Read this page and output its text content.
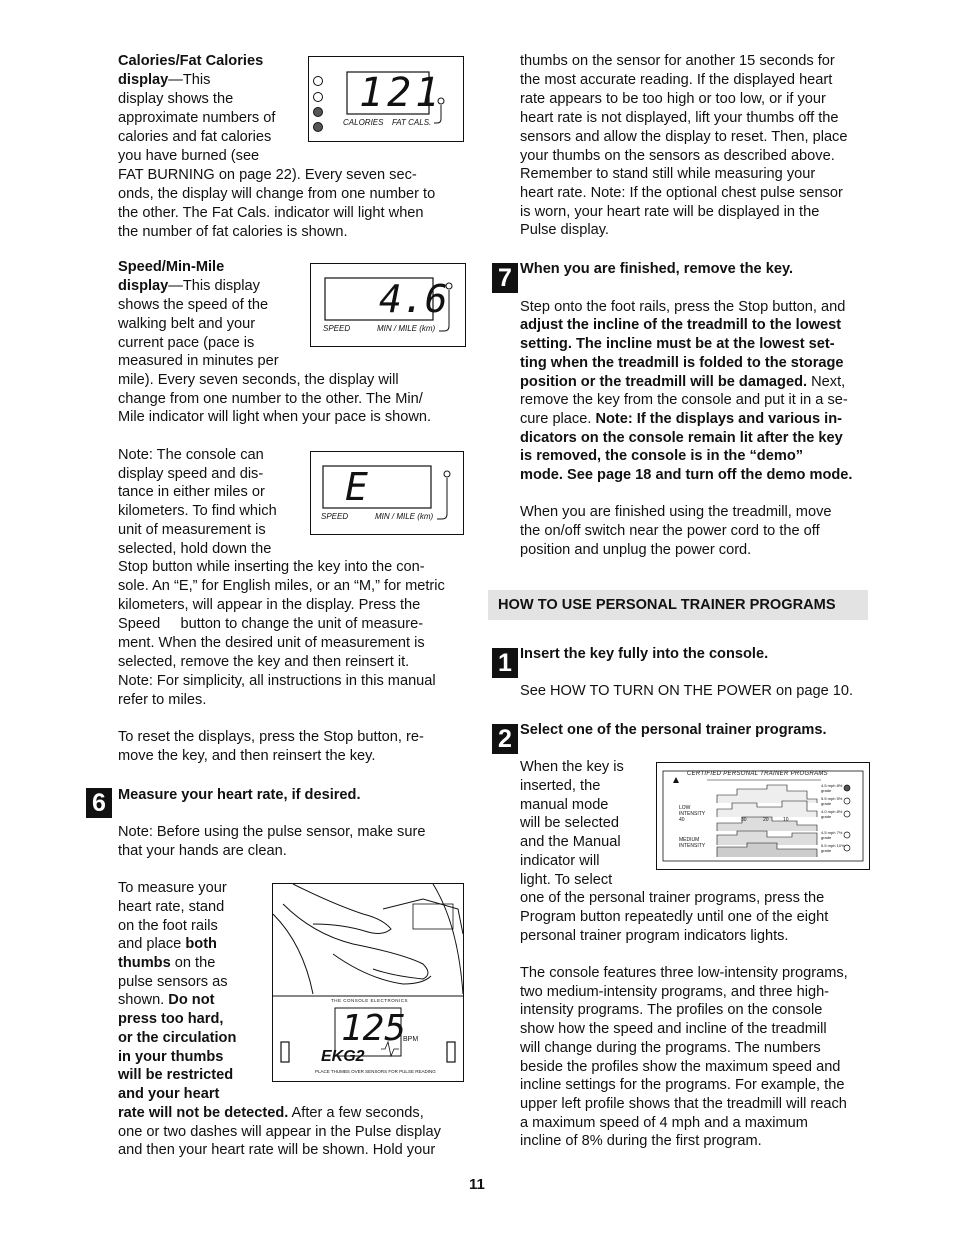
Calories/Fat Calories
display—This
display shows the
approximate numbers of
calories and fat calories
you have burned (see
FAT BURNING on page 22). Every seven sec-
onds, the display will change from one number to
the other. The Fat Cals. indicator will light when
the number of fat calories is shown.
121
CALORIES FAT CALS.
Speed/Min-Mile
display—This display
shows the speed of the
walking belt and your
current pace (pace is
measured in minutes per
mile). Every seven seconds, the display will
change from one number to the other. The Min/
Mile indicator will light when your pace is shown.
4.6
SPEED	MIN / MILE (km)
Note: The console can
display speed and dis-
tance in either miles or
kilometers. To find which
unit of measurement is
selected, hold down the
Stop button while inserting the key into the con-
sole. An “E,” for English miles, or an “M,” for metric
kilometers, will appear in the display. Press the
Speed     button to change the unit of measure-
ment. When the desired unit of measurement is
selected, remove the key and then reinsert it.
Note: For simplicity, all instructions in this manual
refer to miles.
E
SPEED	MIN / MILE (km)
To reset the displays, press the Stop button, re-
move the key, and then reinsert the key.
6 Measure your heart rate, if desired.
Note: Before using the pulse sensor, make sure
that your hands are clean.
To measure your
heart rate, stand
on the foot rails
and place both
thumbs on the
pulse sensors as
shown. Do not
press too hard,
or the circulation
in your thumbs
will be restricted
and your heart
rate will not be detected. After a few seconds,
one or two dashes will appear in the Pulse display
and then your heart rate will be shown. Hold your
THE CONSOLE ELECTRONICS
125
BPM
EKG2
PLACE THUMBS OVER SENSORS FOR PULSE READING
thumbs on the sensor for another 15 seconds for
the most accurate reading. If the displayed heart
rate appears to be too high or too low, or if your
heart rate is not displayed, lift your thumbs off the
sensors and allow the display to reset. Then, place
your thumbs on the sensors as described above.
Remember to stand still while measuring your
heart rate. Note: If the optional chest pulse sensor
is worn, your heart rate will be displayed in the
Pulse display.
7 When you are finished, remove the key.
Step onto the foot rails, press the Stop button, and
adjust the incline of the treadmill to the lowest
setting. The incline must be at the lowest set-
ting when the treadmill is folded to the storage
position or the treadmill will be damaged. Next,
remove the key from the console and put it in a se-
cure place. Note: If the displays and various in-
dicators on the console remain lit after the key
is removed, the console is in the “demo”
mode. See page 18 and turn off the demo mode.
When you are finished using the treadmill, move
the on/off switch near the power cord to the off
position and unplug the power cord.
HOW TO USE PERSONAL TRAINER PROGRAMS
1 Insert the key fully into the console.
See HOW TO TURN ON THE POWER on page 10.
2 Select one of the personal trainer programs.
When the key is
inserted, the
manual mode
will be selected
and the Manual
indicator will
light. To select
one of the personal trainer programs, press the
Program button repeatedly until one of the eight
personal trainer program indicators lights.
The console features three low-intensity programs,
two medium-intensity programs, and three high-
intensity programs. The profiles on the console
show how the speed and incline of the treadmill
will change during the programs. The numbers
beside the profiles show the maximum speed and
incline settings for the programs. For example, the
upper left profile shows that the treadmill will reach
a maximum speed of 4 mph and a maximum
incline of 8% during the first program.
CERTIFIED PERSONAL TRAINER PROGRAMS
LOW INTENSITY
MEDIUM INTENSITY
40	30	20	10
4.5 mph 8% grade
5.5 mph 5% grade
4.0 mph 8% grade
4.5 mph 7% grade
5.5 mph 10% grade
11
